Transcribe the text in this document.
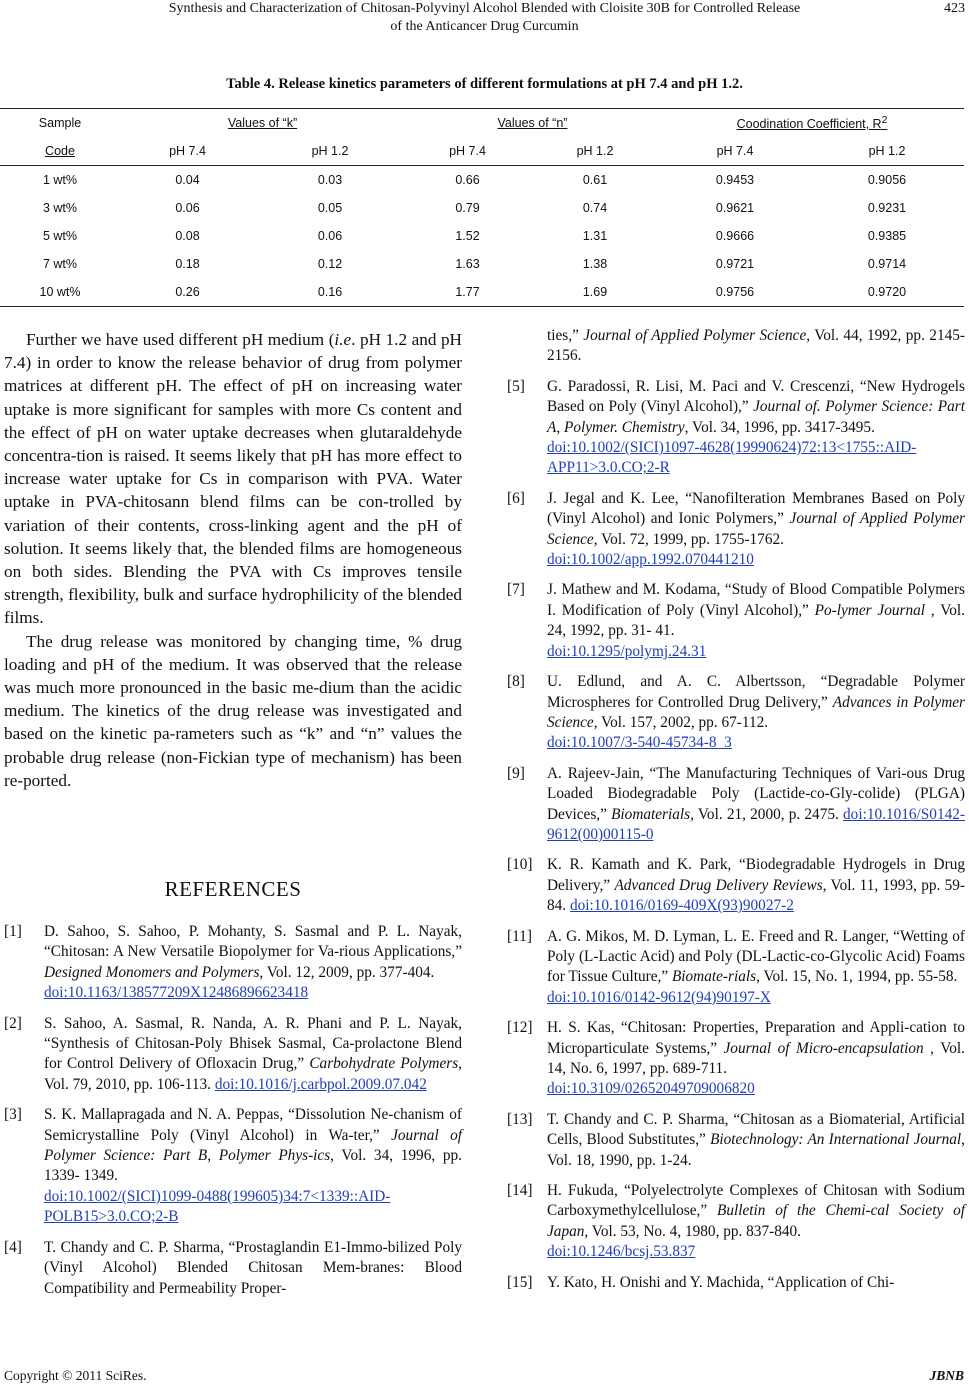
Synthesis and Characterization of Chitosan-Polyvinyl Alcohol Blended with Cloisite 30B for Controlled Release
of the Anticancer Drug Curcumin
423
Table 4. Release kinetics parameters of different formulations at pH 7.4 and pH 1.2.
Sample	Values of “k”		Values of “n”		Coodination Coefficient, $R^2$
Code	pH 7.4	pH 1.2	pH 7.4	pH 1.2	pH 7.4	pH 1.2
1 wt%	0.04	0.03	0.66	0.61	0.9453	0.9056
3 wt%	0.06	0.05	0.79	0.74	0.9621	0.9231
5 wt%	0.08	0.06	1.52	1.31	0.9666	0.9385
7 wt%	0.18	0.12	1.63	1.38	0.9721	0.9714
10 wt%	0.26	0.16	1.77	1.69	0.9756	0.9720

Further we have used different pH medium (i.e. pH 1.2 and pH 7.4) in order to know the release behavior of drug from polymer matrices at different pH. The effect of pH on increasing water uptake is more significant for samples with more Cs content and the effect of pH on water uptake decreases when glutaraldehyde concentra-tion is raised. It seems likely that pH has more effect to increase water uptake for Cs in comparison with PVA. Water uptake in PVA-chitosann blend films can be con-trolled by variation of their contents, cross-linking agent and the pH of solution. It seems likely that, the blended films are homogeneous on both sides. Blending the PVA with Cs improves tensile strength, flexibility, bulk and surface hydrophilicity of the blended films.

The drug release was monitored by changing time, % drug loading and pH of the medium. It was observed that the release was much more pronounced in the basic me-dium than the acidic medium. The kinetics of the drug release was investigated and based on the kinetic pa-rameters such as “k” and “n” values the probable drug release (non-Fickian type of mechanism) has been re-ported.

REFERENCES
[1]	D. Sahoo, S. Sahoo, P. Mohanty, S. Sasmal and P. L. Nayak, “Chitosan: A New Versatile Biopolymer for Va-rious Applications,” Designed Monomers and Polymers, Vol. 12, 2009, pp. 377-404.
doi:10.1163/138577209X12486896623418
[2]	S. Sahoo, A. Sasmal, R. Nanda, A. R. Phani and P. L. Nayak, “Synthesis of Chitosan-Poly Bhisek Sasmal, Ca-prolactone Blend for Control Delivery of Ofloxacin Drug,” Carbohydrate Polymers, Vol. 79, 2010, pp. 106-113. doi:10.1016/j.carbpol.2009.07.042
[3]	S. K. Mallapragada and N. A. Peppas, “Dissolution Ne-chanism of Semicrystalline Poly (Vinyl Alcohol) in Wa-ter,” Journal of Polymer Science: Part B, Polymer Phys-ics, Vol. 34, 1996, pp. 1339- 1349.
doi:10.1002/(SICI)1099-0488(199605)34:7<1339::AID-POLB15>3.0.CO;2-B
[4]	T. Chandy and C. P. Sharma, “Prostaglandin E1-Immo-bilized Poly (Vinyl Alcohol) Blended Chitosan Mem-branes: Blood Compatibility and Permeability Proper-
ties,” Journal of Applied Polymer Science, Vol. 44, 1992, pp. 2145-2156.
[5]	G. Paradossi, R. Lisi, M. Paci and V. Crescenzi, “New Hydrogels Based on Poly (Vinyl Alcohol),” Journal of. Polymer Science: Part A, Polymer. Chemistry, Vol. 34, 1996, pp. 3417-3495.
doi:10.1002/(SICI)1097-4628(19990624)72:13<1755::AID-APP11>3.0.CO;2-R
[6]	J. Jegal and K. Lee, “Nanofilteration Membranes Based on Poly (Vinyl Alcohol) and Ionic Polymers,” Journal of Applied Polymer Science, Vol. 72, 1999, pp. 1755-1762.
doi:10.1002/app.1992.070441210
[7]	J. Mathew and M. Kodama, “Study of Blood Compatible Polymers I. Modification of Poly (Vinyl Alcohol),” Po-lymer Journal , Vol. 24, 1992, pp. 31- 41.
doi:10.1295/polymj.24.31
[8]	U. Edlund, and A. C. Albertsson, “Degradable Polymer Microspheres for Controlled Drug Delivery,” Advances in Polymer Science, Vol. 157, 2002, pp. 67-112.
doi:10.1007/3-540-45734-8_3
[9]	A. Rajeev-Jain, “The Manufacturing Techniques of Vari-ous Drug Loaded Biodegradable Poly (Lactide-co-Gly-colide) (PLGA) Devices,” Biomaterials, Vol. 21, 2000, p. 2475. doi:10.1016/S0142-9612(00)00115-0
[10] K. R. Kamath and K. Park, “Biodegradable Hydrogels in Drug Delivery,” Advanced Drug Delivery Reviews, Vol. 11, 1993, pp. 59-84. doi:10.1016/0169-409X(93)90027-2
[11] A. G. Mikos, M. D. Lyman, L. E. Freed and R. Langer, “Wetting of Poly (L-Lactic Acid) and Poly (DL-Lactic-co-Glycolic Acid) Foams for Tissue Culture,” Biomate-rials, Vol. 15, No. 1, 1994, pp. 55-58.
doi:10.1016/0142-9612(94)90197-X
[12] H. S. Kas, “Chitosan: Properties, Preparation and Appli-cation to Microparticulate Systems,” Journal of Micro-encapsulation , Vol. 14, No. 6, 1997, pp. 689-711.
doi:10.3109/02652049709006820
[13] T. Chandy and C. P. Sharma, “Chitosan as a Biomaterial, Artificial Cells, Blood Substitutes,” Biotechnology: An International Journal, Vol. 18, 1990, pp. 1-24.
[14] H. Fukuda, “Polyelectrolyte Complexes of Chitosan with Sodium Carboxymethylcellulose,” Bulletin of the Chemi-cal Society of Japan, Vol. 53, No. 4, 1980, pp. 837-840.
doi:10.1246/bcsj.53.837
[15] Y. Kato, H. Onishi and Y. Machida, “Application of Chi-
Copyright © 2011 SciRes.	JBNB
